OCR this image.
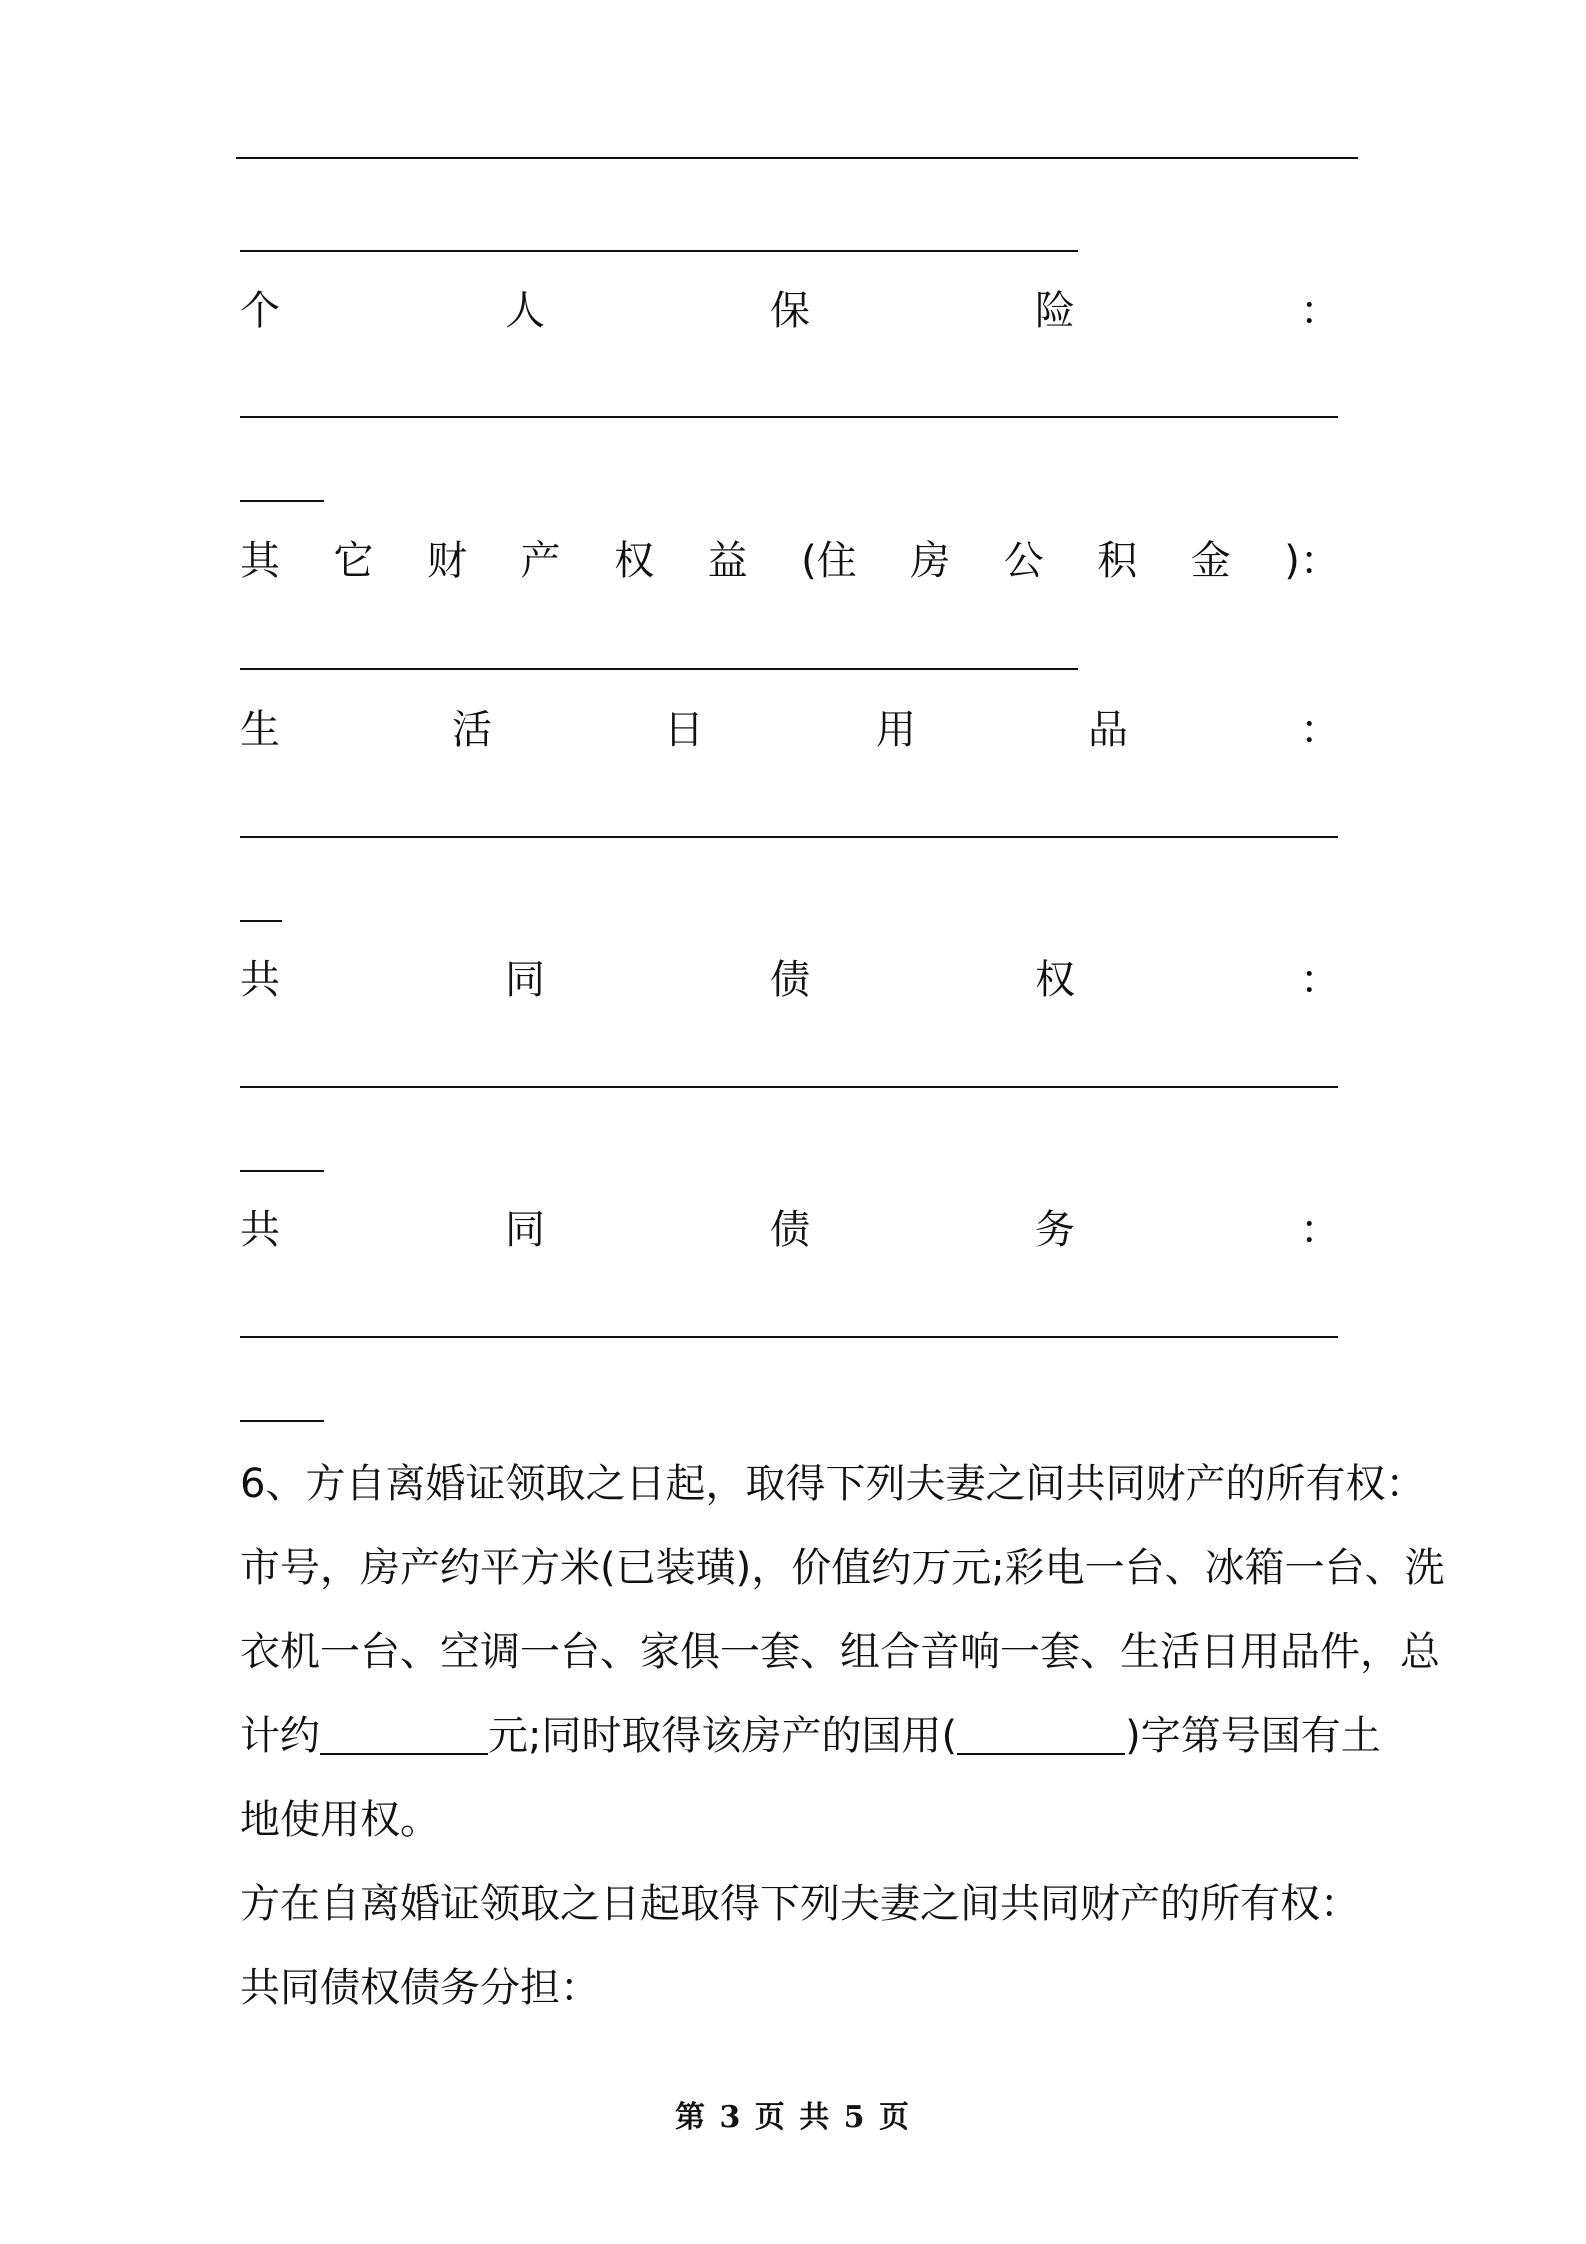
个	人	保	险	：
其 它 财 产 权 益 (住 房 公 积 金 )：
生	活	日	用	品	：
共	同	债	权	：
共	同	债	务	：
6、方自离婚证领取之日起，取得下列夫妻之间共同财产的所有权：
市号，房产约平方米(已装璜)，价值约万元;彩电一台、冰箱一台、洗
衣机一台、空调一台、家俱一套、组合音响一套、生活日用品件，总
计约	元;同时取得该房产的国用(	)字第号国有土
地使用权。
方在自离婚证领取之日起取得下列夫妻之间共同财产的所有权：
共同债权债务分担：
第 3 页 共 5 页
